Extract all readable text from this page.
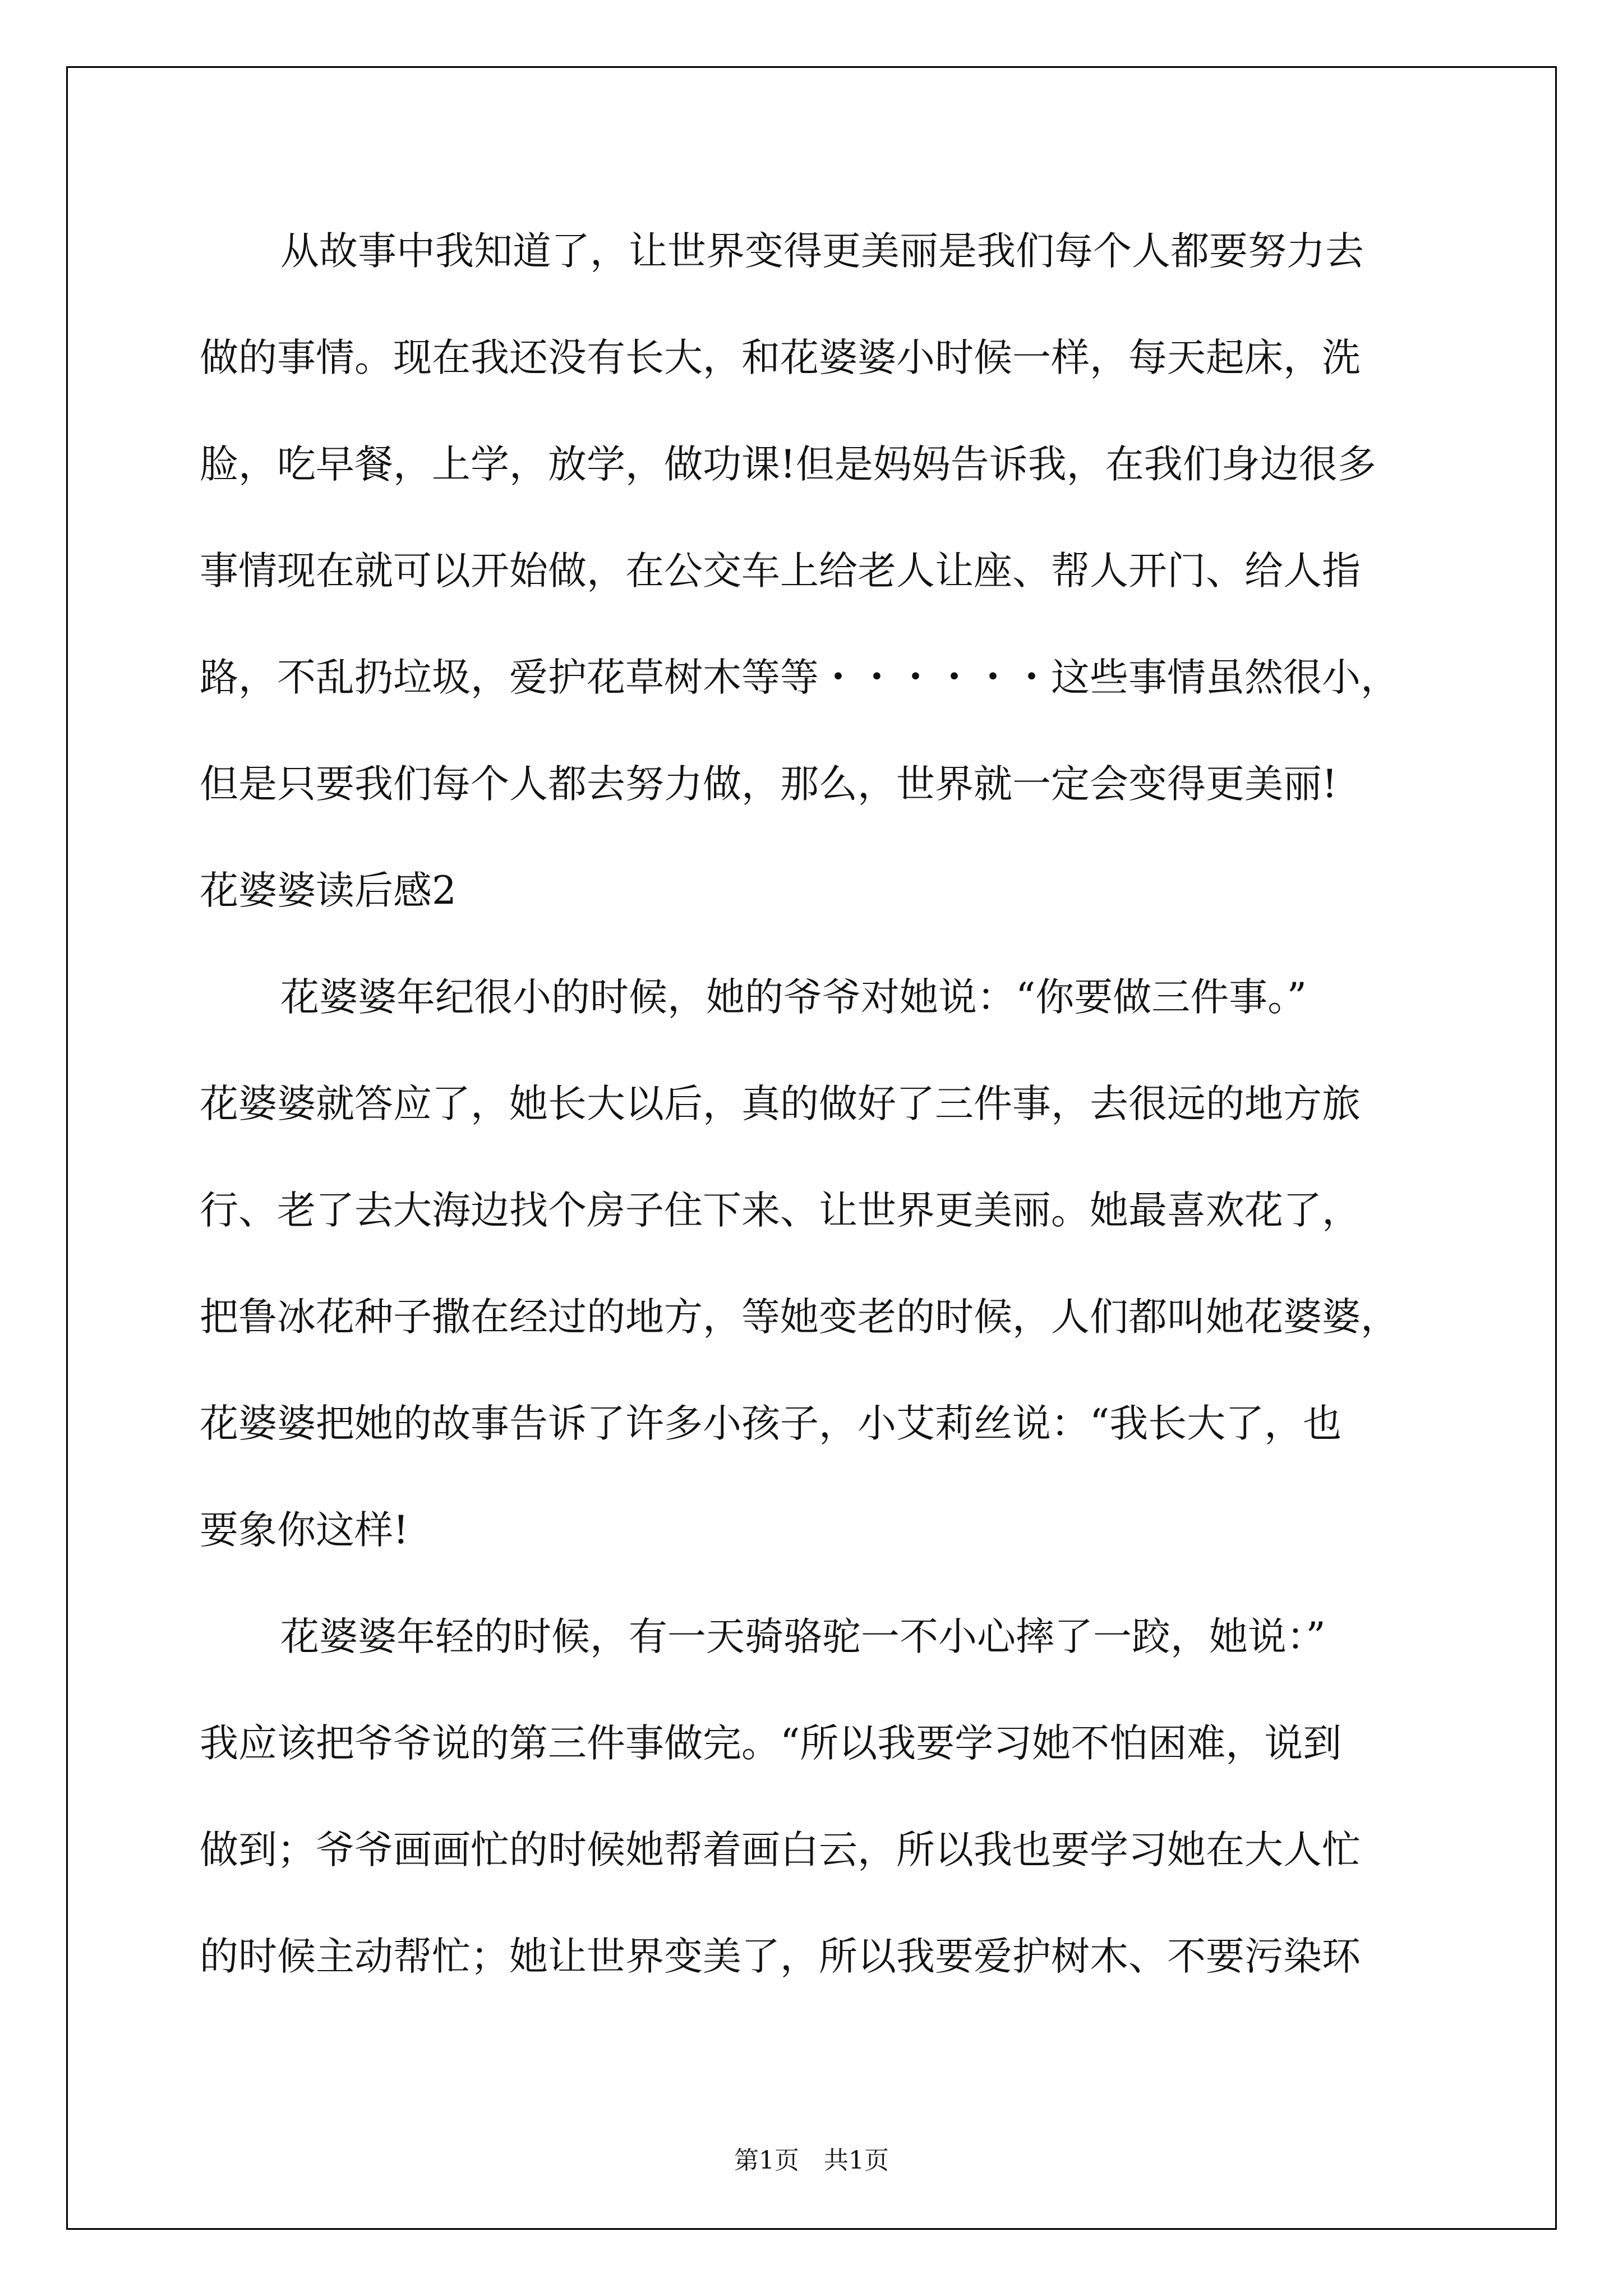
从故事中我知道了，让世界变得更美丽是我们每个人都要努力去
做的事情。现在我还没有长大，和花婆婆小时候一样，每天起床，洗
脸，吃早餐，上学，放学，做功课!但是妈妈告诉我，在我们身边很多
事情现在就可以开始做，在公交车上给老人让座、帮人开门、给人指
路，不乱扔垃圾，爱护花草树木等等・・・・・・这些事情虽然很小，
但是只要我们每个人都去努力做，那么，世界就一定会变得更美丽!
花婆婆读后感2
花婆婆年纪很小的时候，她的爷爷对她说：“你要做三件事。”
花婆婆就答应了，她长大以后，真的做好了三件事，去很远的地方旅
行、老了去大海边找个房子住下来、让世界更美丽。她最喜欢花了，
把鲁冰花种子撒在经过的地方，等她变老的时候，人们都叫她花婆婆，
花婆婆把她的故事告诉了许多小孩子，小艾莉丝说：“我长大了，也
要象你这样!
花婆婆年轻的时候，有一天骑骆驼一不小心摔了一跤，她说：”
我应该把爷爷说的第三件事做完。“所以我要学习她不怕困难，说到
做到；爷爷画画忙的时候她帮着画白云，所以我也要学习她在大人忙
的时候主动帮忙；她让世界变美了，所以我要爱护树木、不要污染环
第1页　共1页
